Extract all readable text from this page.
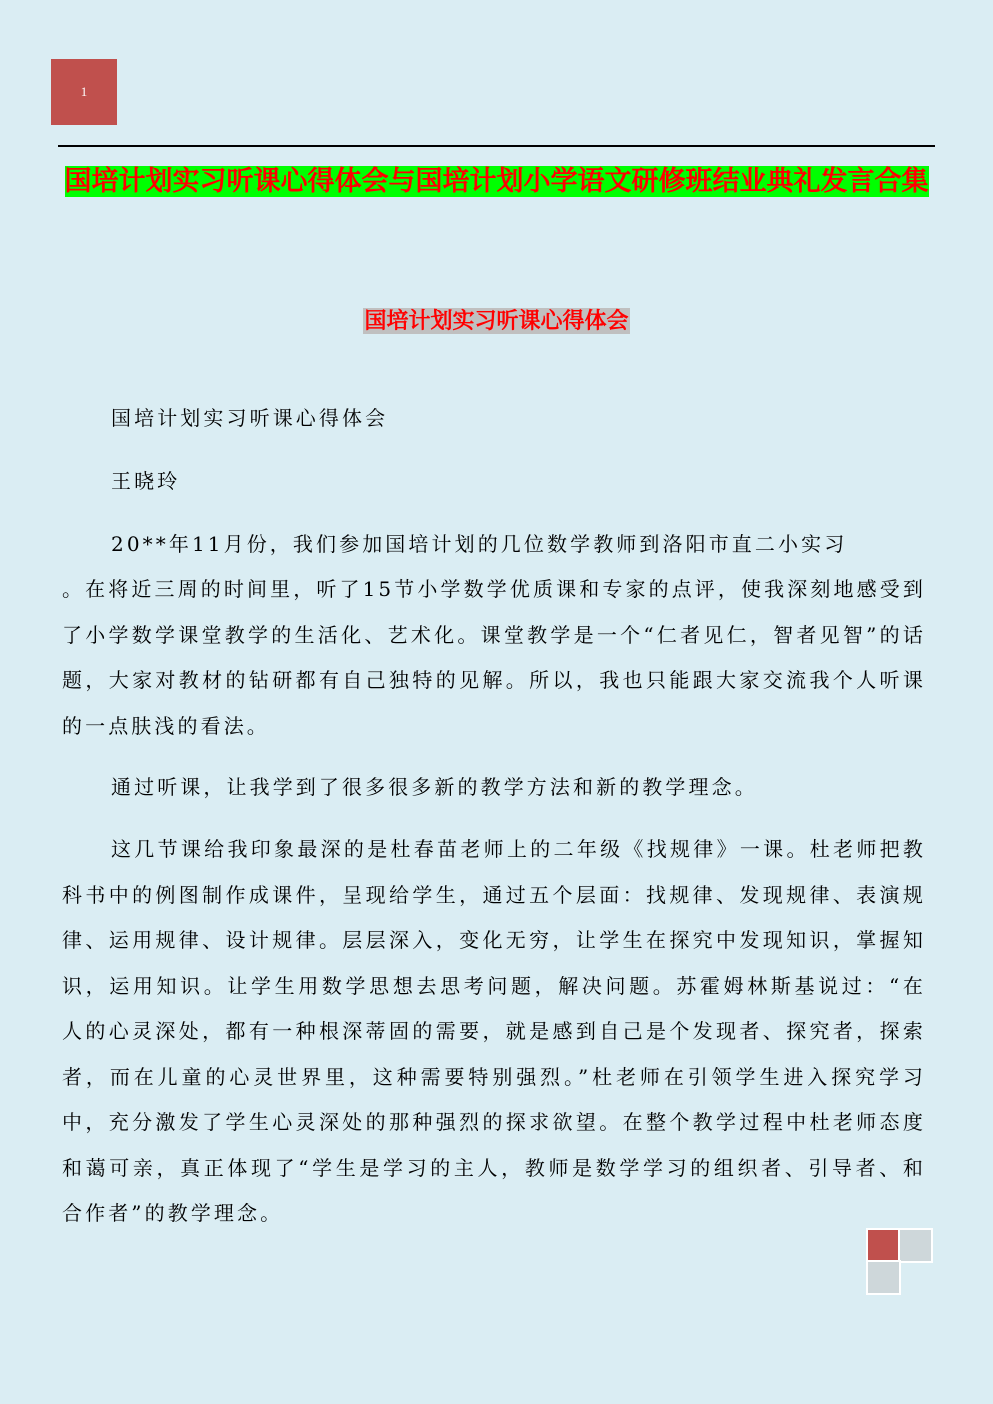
1
国培计划实习听课心得体会与国培计划小学语文研修班结业典礼发言合集
国培计划实习听课心得体会

国培计划实习听课心得体会

王晓玲

20**年11月份，我们参加国培计划的几位数学教师到洛阳市直二小实习

。在将近三周的时间里，听了15节小学数学优质课和专家的点评，使我深刻地感受到了小学数学课堂教学的生活化、艺术化。课堂教学是一个“仁者见仁，智者见智”的话题，大家对教材的钻研都有自己独特的见解。所以，我也只能跟大家交流我个人听课的一点肤浅的看法。

通过听课，让我学到了很多很多新的教学方法和新的教学理念。

这几节课给我印象最深的是杜春苗老师上的二年级《找规律》一课。杜老师把教科书中的例图制作成课件，呈现给学生，通过五个层面：找规律、发现规律、表演规律、运用规律、设计规律。层层深入，变化无穷，让学生在探究中发现知识，掌握知识，运用知识。让学生用数学思想去思考问题，解决问题。苏霍姆林斯基说过：“在人的心灵深处，都有一种根深蒂固的需要，就是感到自己是个发现者、探究者，探索者，而在儿童的心灵世界里，这种需要特别强烈。”杜老师在引领学生进入探究学习中，充分激发了学生心灵深处的那种强烈的探求欲望。在整个教学过程中杜老师态度和蔼可亲，真正体现了“学生是学习的主人，教师是数学学习的组织者、引导者、和合作者”的教学理念。
